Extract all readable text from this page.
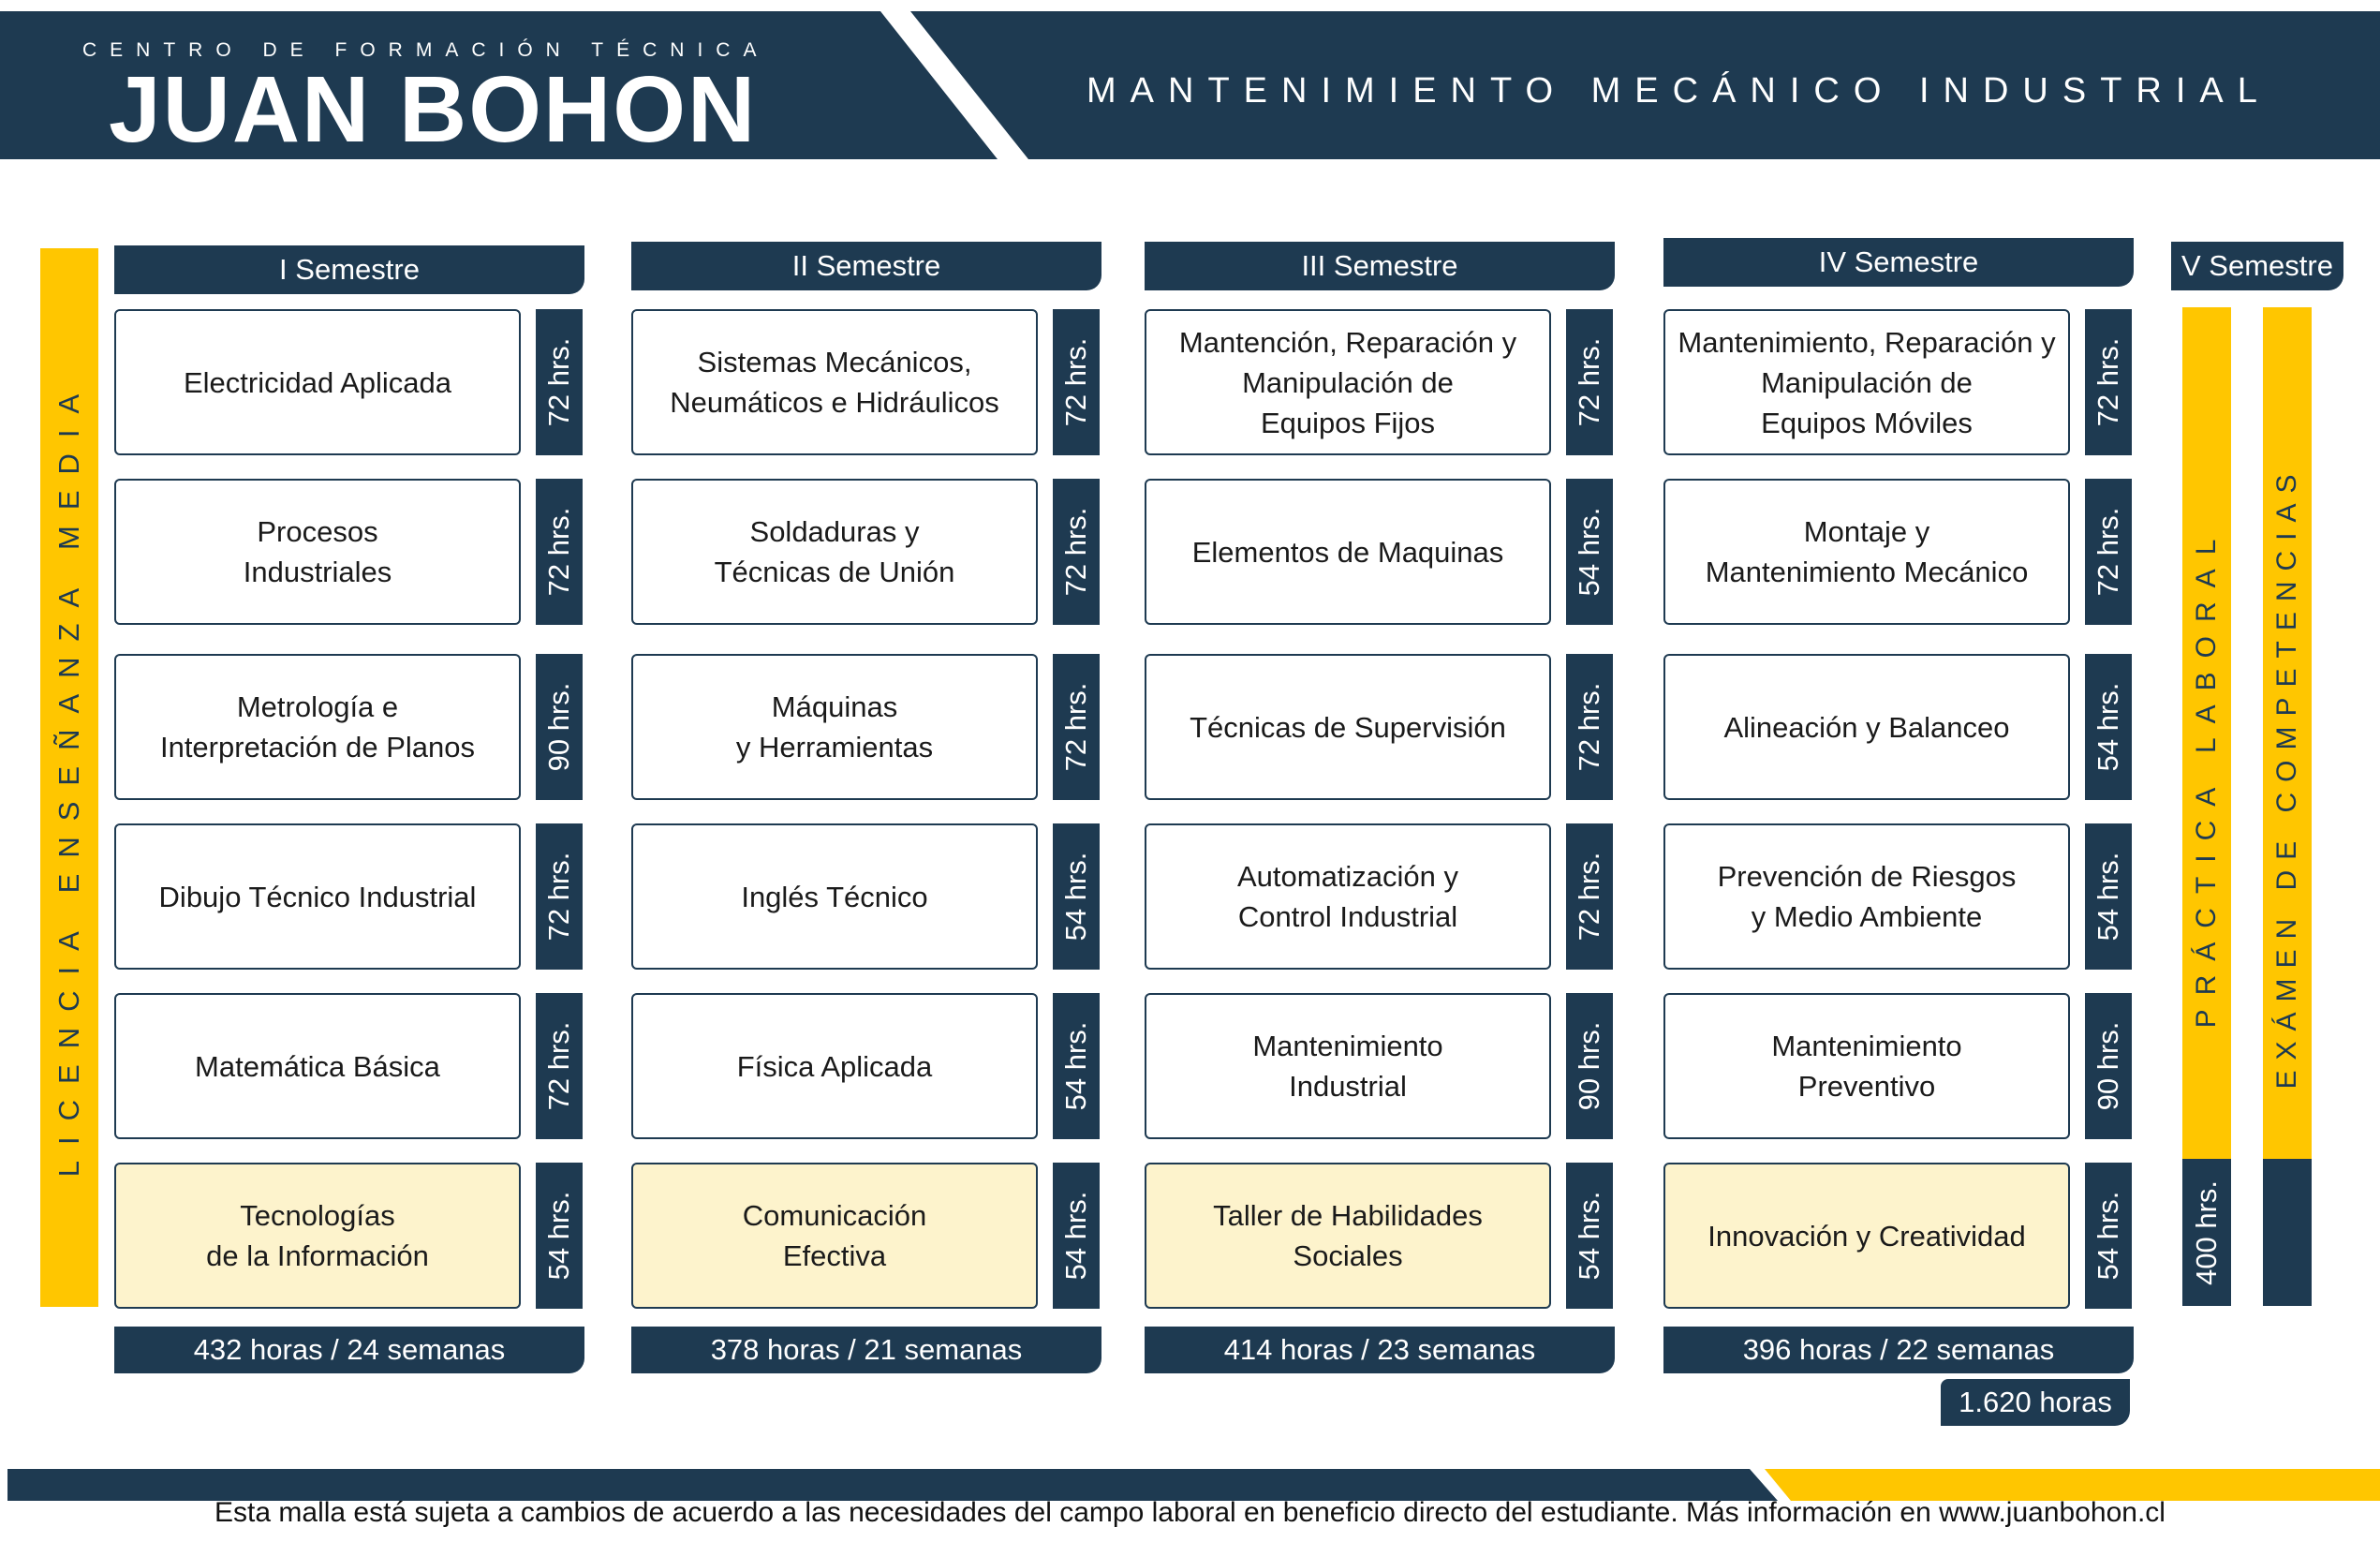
CENTRO DE FORMACIÓN TÉCNICA
JUAN BOHON	MANTENIMIENTO MECÁNICO INDUSTRIAL
LICENCIA ENSEÑANZA MEDIA
I Semestre
Electricidad Aplicada	72 hrs.
Procesos
Industriales	72 hrs.
Metrología e
Interpretación de Planos	90 hrs.
Dibujo Técnico Industrial	72 hrs.
Matemática Básica	72 hrs.
Tecnologías
de la Información	54 hrs.
432 horas / 24 semanas
II Semestre
Sistemas Mecánicos,
Neumáticos e Hidráulicos	72 hrs.
Soldaduras y
Técnicas de Unión	72 hrs.
Máquinas
y Herramientas	72 hrs.
Inglés Técnico	54 hrs.
Física Aplicada	54 hrs.
Comunicación
Efectiva	54 hrs.
378 horas / 21 semanas
III Semestre
Mantención, Reparación y
Manipulación de
Equipos Fijos	72 hrs.
Elementos de Maquinas	54 hrs.
Técnicas de Supervisión	72 hrs.
Automatización y
Control Industrial	72 hrs.
Mantenimiento
Industrial	90 hrs.
Taller de Habilidades
Sociales	54 hrs.
414 horas / 23 semanas
IV Semestre
Mantenimiento, Reparación y
Manipulación de
Equipos Móviles	72 hrs.
Montaje y
Mantenimiento Mecánico	72 hrs.
Alineación y Balanceo	54 hrs.
Prevención de Riesgos
y Medio Ambiente	54 hrs.
Mantenimiento
Preventivo	90 hrs.
Innovación y Creatividad	54 hrs.
396 horas / 22 semanas
V Semestre
PRÁCTICA LABORAL
400 hrs.
EXÁMEN DE COMPETENCIAS
1.620 horas
Esta malla está sujeta a cambios de acuerdo a las necesidades del campo laboral en beneficio directo del estudiante. Más información en www.juanbohon.cl
